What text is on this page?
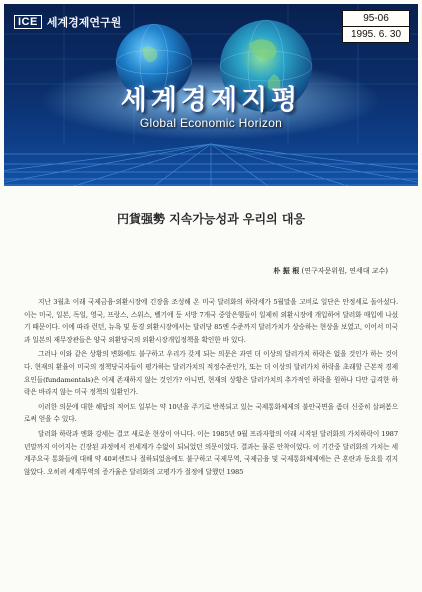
ICE 세계경제연구원	95-06
1995. 6. 30
세계경제지평
Global Economic Horizon
円貨强勢 지속가능성과 우리의 대응
朴 振 根 (연구자문위원, 연세대 교수)

지난 3월초 이래 국제금융·외환시장에 긴장을 조성해 온 미국 달러화의 하락세가 5월말을 고비로 일단은 안정세로 돌아섰다. 이는 미국, 일본, 독일, 영국, 프랑스, 스위스, 벨기에 등 서방 7개국 중앙은행들이 일제히 외환시장에 개입하여 달러화 매입에 나섰기 때문이다. 이에 따라 런던, 뉴욕 및 동경 외환시장에서는 달러당 85엔 수준까지 달러가치가 상승하는 현상을 보였고, 이어서 미국과 일본의 재무장관들은 양국 외환당국의 외환시장개입정책을 확인한 바 있다.

그러나 이와 같은 상황의 변화에도 불구하고 우리가 갖게 되는 의문은 과연 더 이상의 달러가치 하락은 없을 것인가 하는 것이다. 현재의 환율이 미국의 정책당국자들이 평가하는 달러가치의 적정수준인가, 또는 더 이상의 달러가치 하락을 초래할 근본적 경제요인들(fundamentals)은 이제 존재하지 않는 것인가? 아니면, 현재의 상황은 달러가치의 추가적인 하락을 원하나 다만 급격한 하락은 바라지 않는 미국 정책의 일환인가.

이러한 의문에 대한 해답의 적어도 일부는 약 10년을 주기로 반복되고 있는 국제통화체제의 불안국면을 좀더 신중히 살펴봄으로써 얻을 수 있다.

달러화 하락과 엔화 강세는 결코 새로운 현상이 아니다. 이는 1985년 9월 프라자합의 이래 시작된 달러화의 가치하락이 1987년말까지 이어지는 긴장된 과정에서 전세계가 수없이 되뇌었던 의문이었다. 결과는 물론 안착이었다. 이 기간중 달러화의 가치는 세계주요국 통화들에 대해 약 40퍼센트나 절하되었음에도 불구하고 국제무역, 국제금융 및 국제통화체제에는 큰 혼란과 동요를 겪지 않았다. 오히려 세계무역의 증가율은 달러화의 고평가가 절정에 달했던 1985
